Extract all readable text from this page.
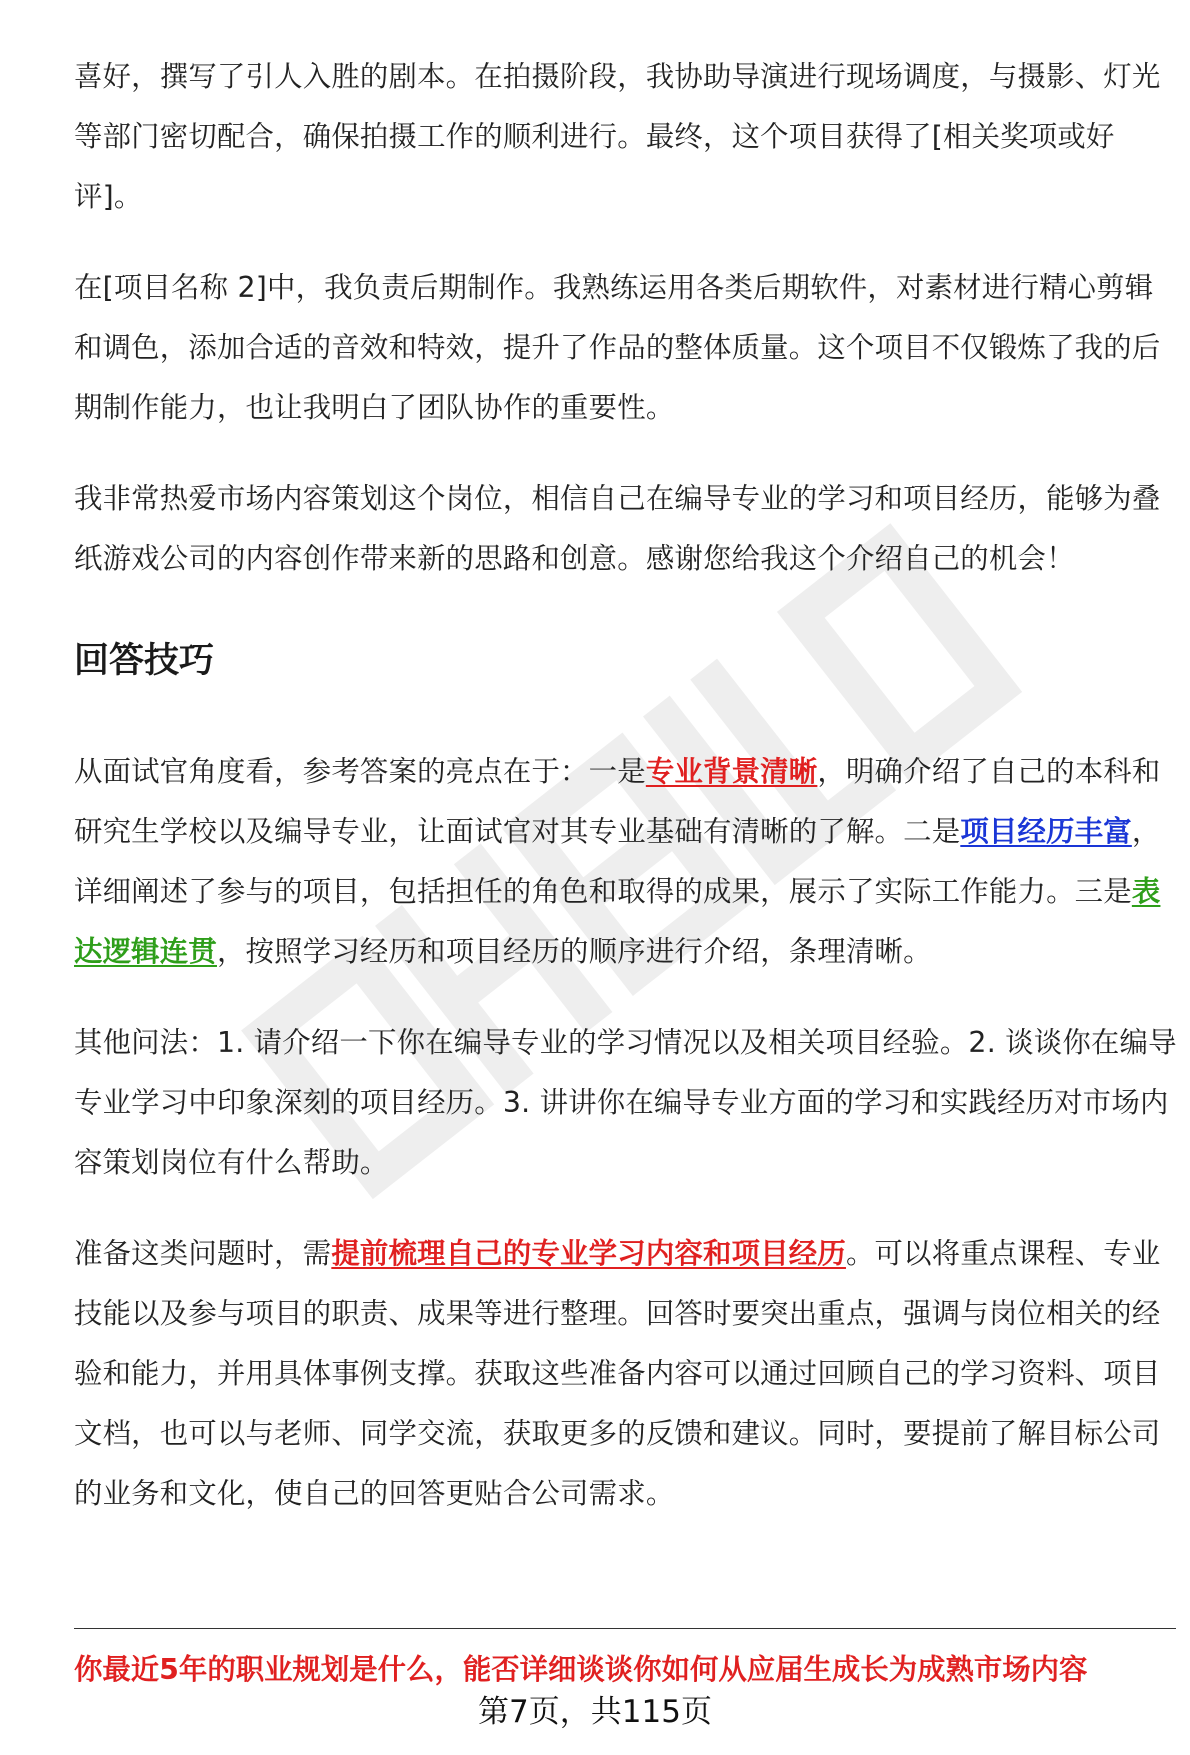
喜好，撰写了引人入胜的剧本。在拍摄阶段，我协助导演进行现场调度，与摄影、灯光等部门密切配合，确保拍摄工作的顺利进行。最终，这个项目获得了[相关奖项或好评]。

在[项目名称 2]中，我负责后期制作。我熟练运用各类后期软件，对素材进行精心剪辑和调色，添加合适的音效和特效，提升了作品的整体质量。这个项目不仅锻炼了我的后期制作能力，也让我明白了团队协作的重要性。

我非常热爱市场内容策划这个岗位，相信自己在编导专业的学习和项目经历，能够为叠纸游戏公司的内容创作带来新的思路和创意。感谢您给我这个介绍自己的机会！

回答技巧

从面试官角度看，参考答案的亮点在于：一是专业背景清晰，明确介绍了自己的本科和研究生学校以及编导专业，让面试官对其专业基础有清晰的了解。二是项目经历丰富，详细阐述了参与的项目，包括担任的角色和取得的成果，展示了实际工作能力。三是表达逻辑连贯，按照学习经历和项目经历的顺序进行介绍，条理清晰。

其他问法：1. 请介绍一下你在编导专业的学习情况以及相关项目经验。2. 谈谈你在编导专业学习中印象深刻的项目经历。3. 讲讲你在编导专业方面的学习和实践经历对市场内容策划岗位有什么帮助。

准备这类问题时，需提前梳理自己的专业学习内容和项目经历。可以将重点课程、专业技能以及参与项目的职责、成果等进行整理。回答时要突出重点，强调与岗位相关的经验和能力，并用具体事例支撑。获取这些准备内容可以通过回顾自己的学习资料、项目文档，也可以与老师、同学交流，获取更多的反馈和建议。同时，要提前了解目标公司的业务和文化，使自己的回答更贴合公司需求。

你最近5年的职业规划是什么，能否详细谈谈你如何从应届生成长为成熟市场内容
第7页，共115页
